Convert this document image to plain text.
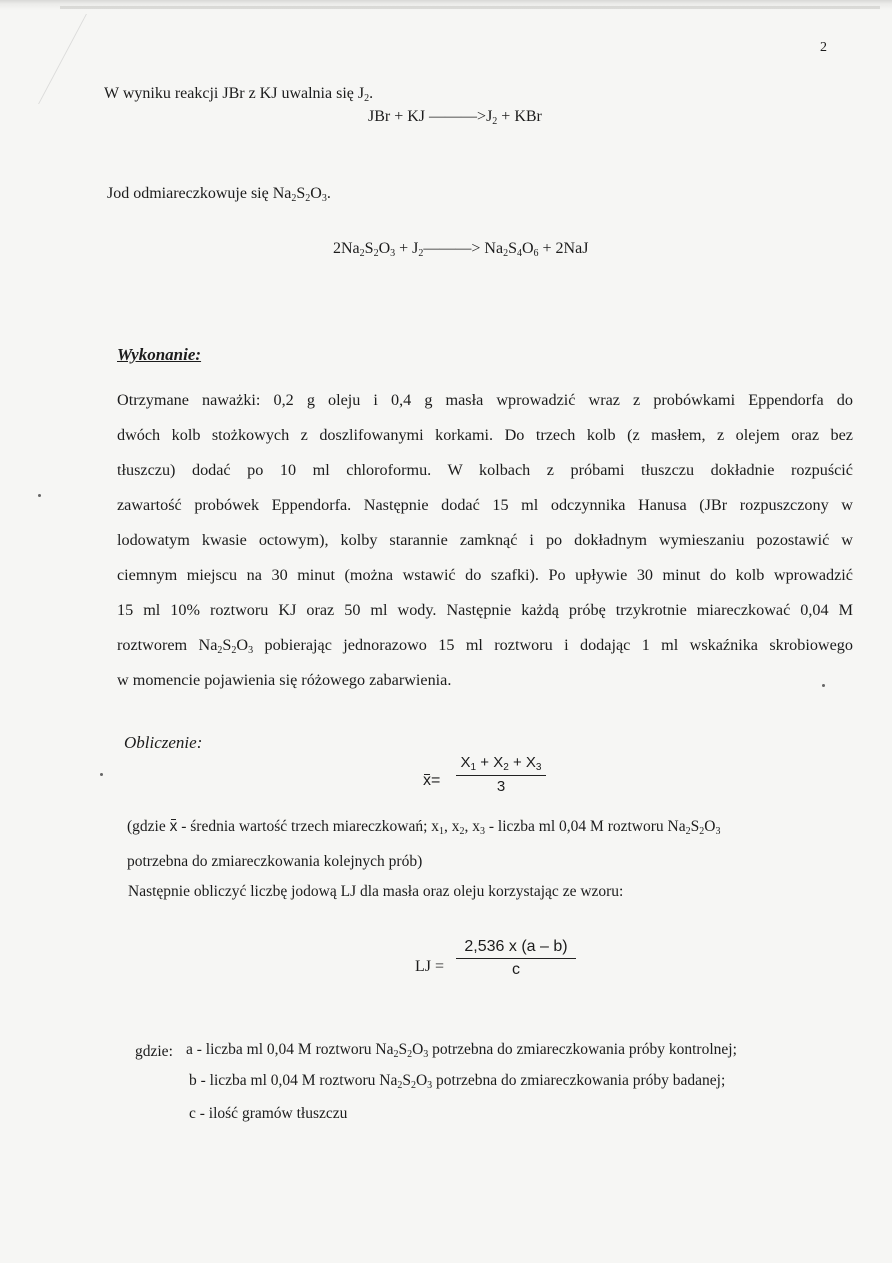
2
W wyniku reakcji JBr z KJ uwalnia się $J_2$.
JBr + KJ $———>J_2$ + KBr
Jod odmiareczkowuje się $Na_2S_2O_3$.
$2Na_2S_2O_3$ + $J_2———> Na_2S_4O_6 + 2NaJ$
Wykonanie:
Otrzymane naważki: 0,2 g oleju i 0,4 g masła wprowadzić wraz z probówkami Eppendorfa do
dwóch kolb stożkowych z doszlifowanymi korkami. Do trzech kolb (z masłem, z olejem oraz bez
tłuszczu) dodać po 10 ml chloroformu. W kolbach z próbami tłuszczu dokładnie rozpuścić
zawartość probówek Eppendorfa. Następnie dodać 15 ml odczynnika Hanusa (JBr rozpuszczony w
lodowatym kwasie octowym), kolby starannie zamknąć i po dokładnym wymieszaniu pozostawić w
ciemnym miejscu na 30 minut (można wstawić do szafki). Po upływie 30 minut do kolb wprowadzić
15 ml 10% roztworu KJ oraz 50 ml wody. Następnie każdą próbę trzykrotnie miareczkować 0,04 M
roztworem $Na_2S_2O_3$ pobierając jednorazowo 15 ml roztworu i dodając 1 ml wskaźnika skrobiowego
w momencie pojawienia się różowego zabarwienia.
Obliczenie:
x=
$X_1 + X_2 + X_3$
3
(gdzie x - średnia wartość trzech miareczkowań; $x_1$, $x_2$, $x_3$ - liczba ml 0,04 M roztworu $Na_2S_2O_3$
potrzebna do zmiareczkowania kolejnych prób)
Następnie obliczyć liczbę jodową LJ dla masła oraz oleju korzystając ze wzoru:
LJ =
2,536 x (a – b)
c
gdzie: a - liczba ml 0,04 M roztworu $Na_2S_2O_3$ potrzebna do zmiareczkowania próby kontrolnej;
b - liczba ml 0,04 M roztworu $Na_2S_2O_3$ potrzebna do zmiareczkowania próby badanej;
c - ilość gramów tłuszczu
